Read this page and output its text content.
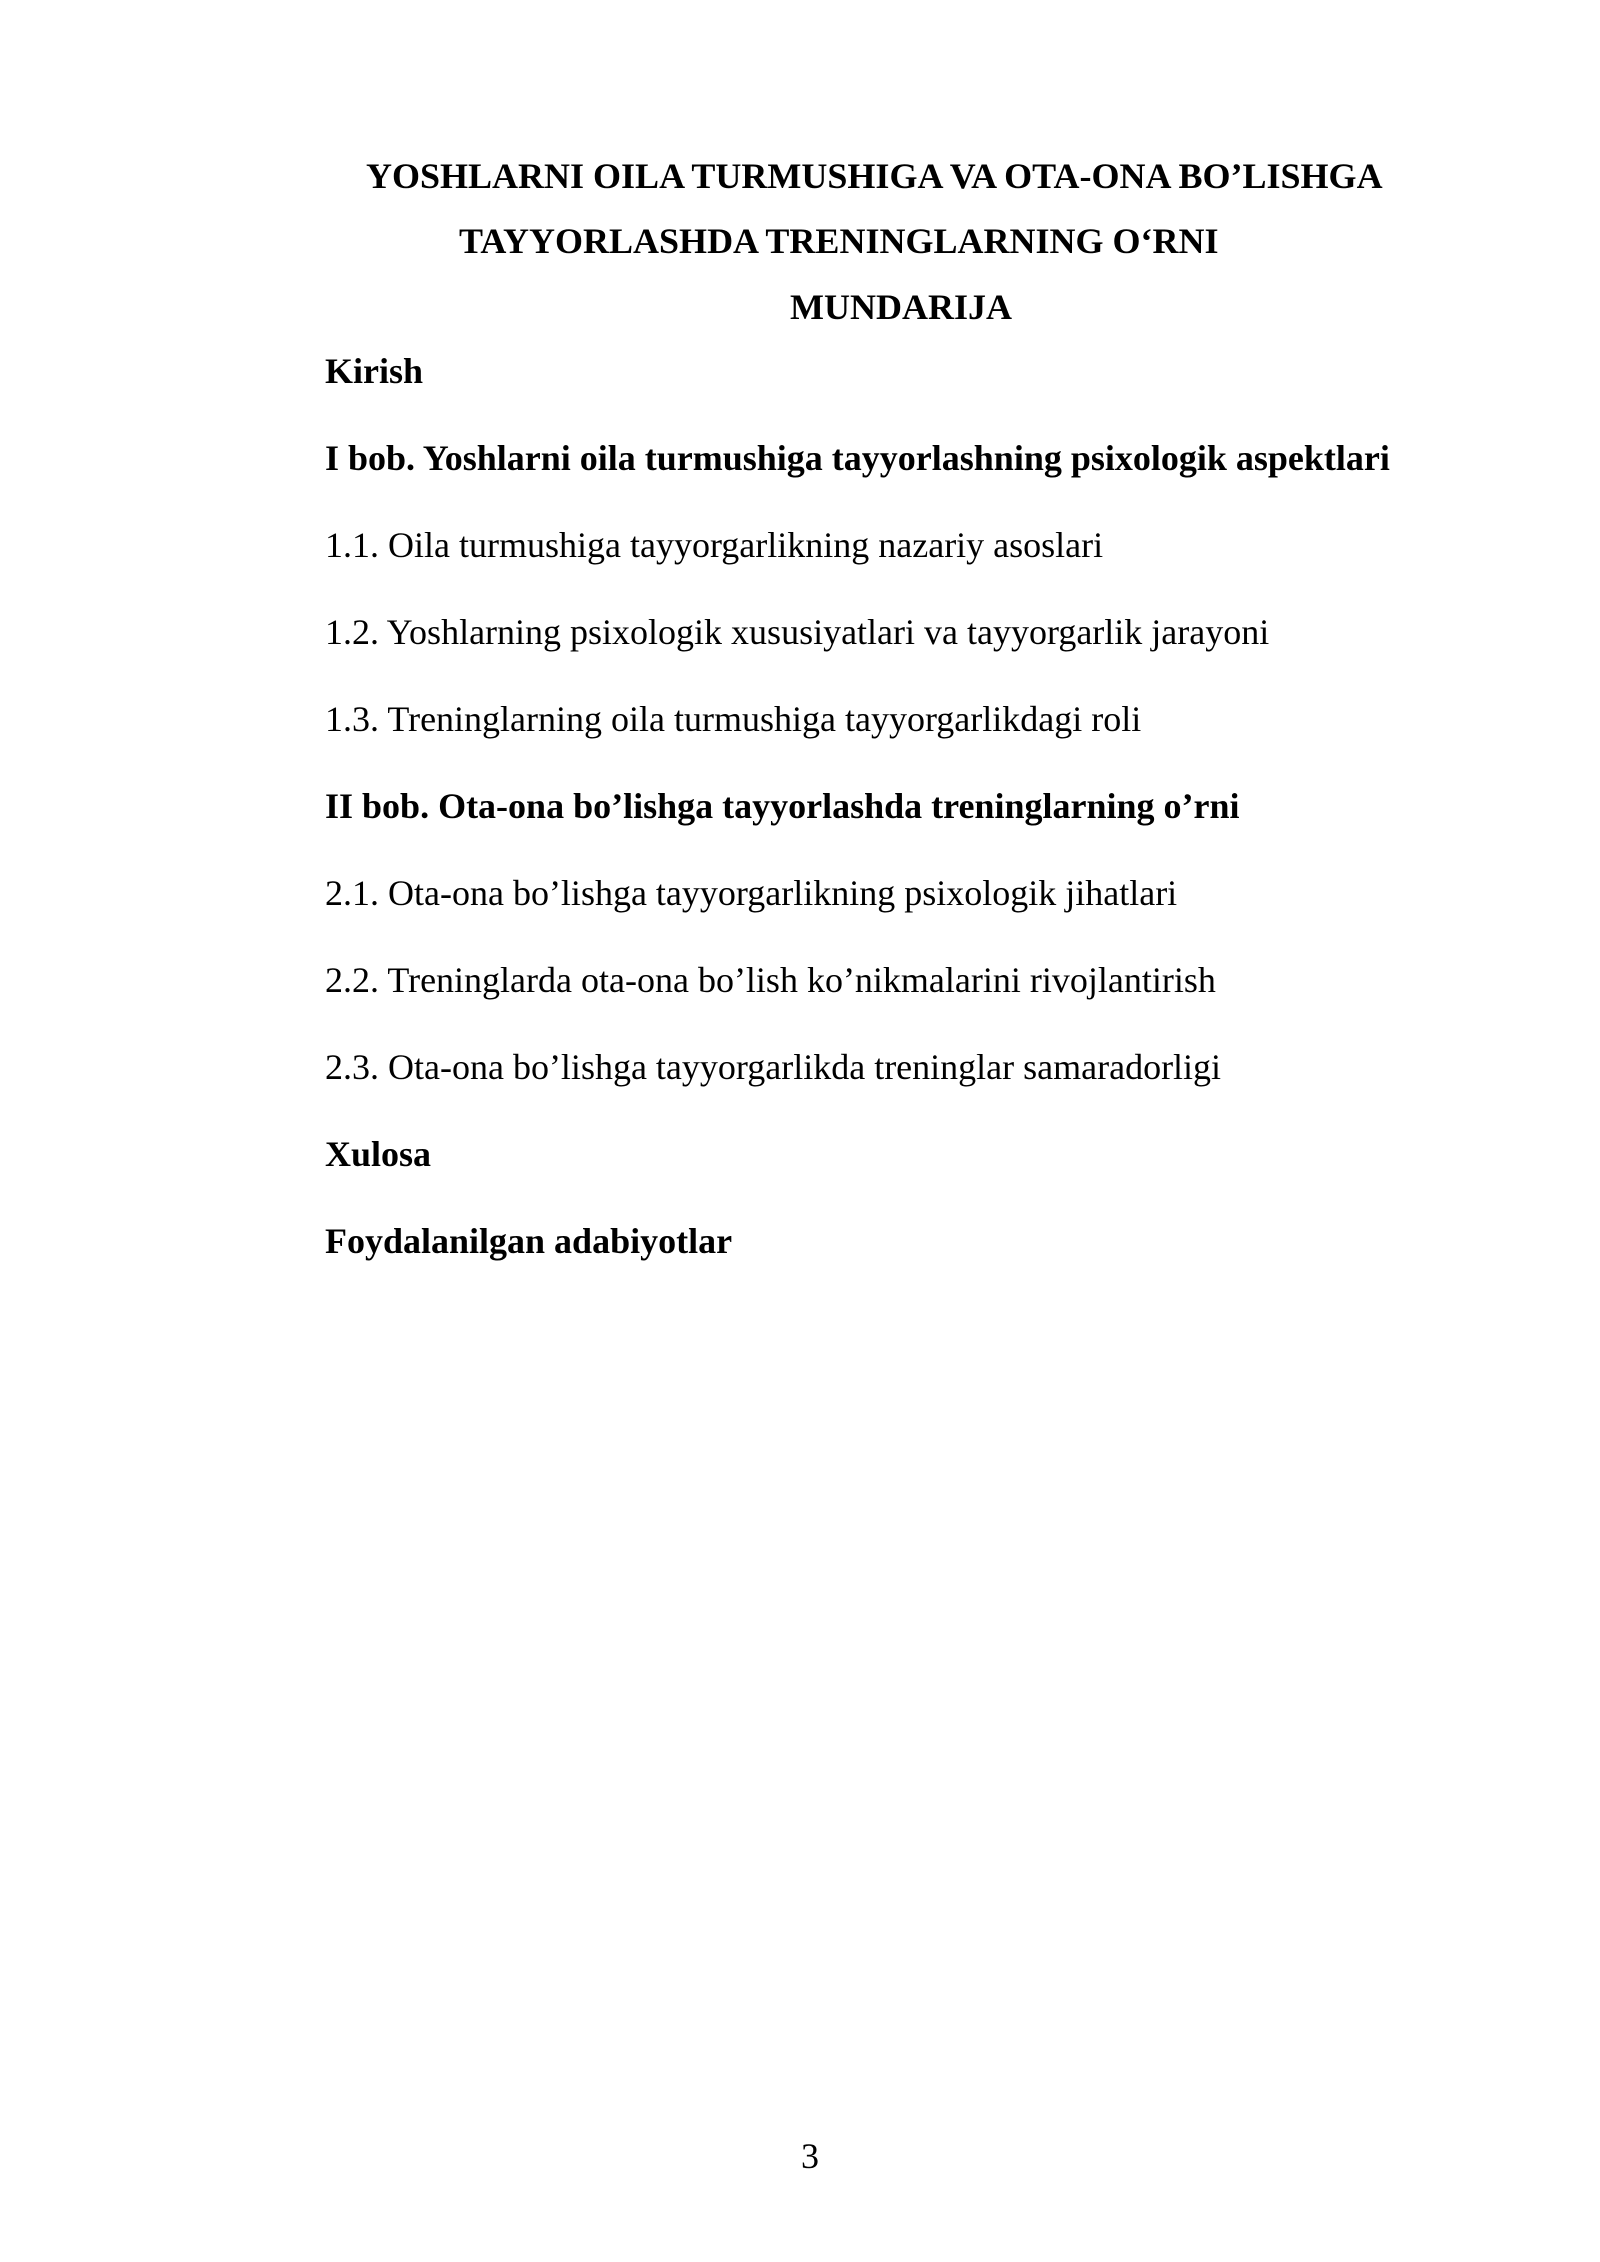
YOSHLARNI OILA TURMUSHIGA VA OTA-ONA BO’LISHGA
TAYYORLASHDA TRENINGLARNING O‘RNI
MUNDARIJA
Kirish
I bob. Yoshlarni oila turmushiga tayyorlashning psixologik aspektlari
1.1. Oila turmushiga tayyorgarlikning nazariy asoslari
1.2. Yoshlarning psixologik xususiyatlari va tayyorgarlik jarayoni
1.3. Treninglarning oila turmushiga tayyorgarlikdagi roli
II bob. Ota-ona bo’lishga tayyorlashda treninglarning o’rni
2.1. Ota-ona bo’lishga tayyorgarlikning psixologik jihatlari
2.2. Treninglarda ota-ona bo’lish ko’nikmalarini rivojlantirish
2.3. Ota-ona bo’lishga tayyorgarlikda treninglar samaradorligi
Xulosa
Foydalanilgan adabiyotlar
3
